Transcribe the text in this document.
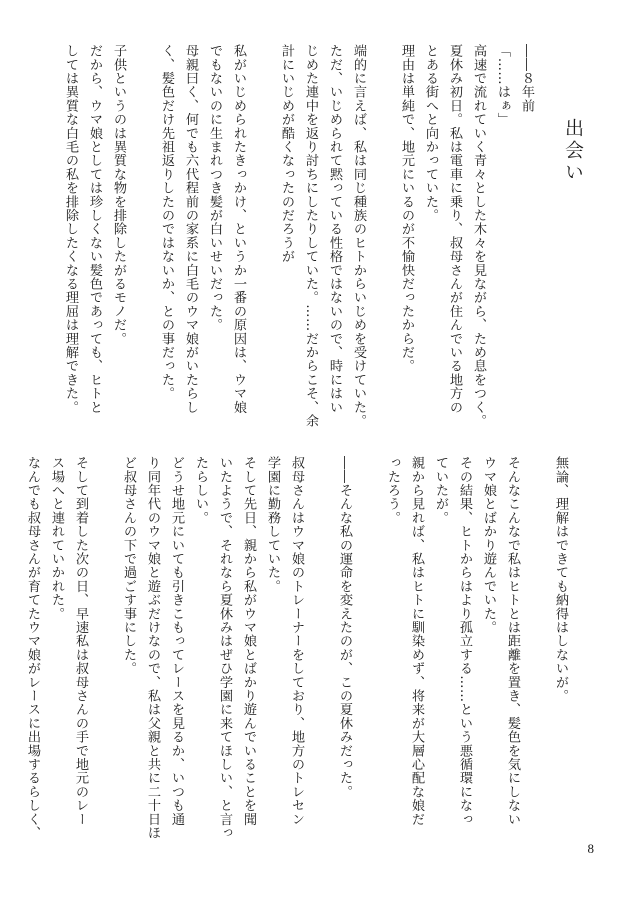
出会い

――８年前

「……はぁ」

高速で流れていく青々とした木々を見ながら、ため息をつく。

夏休み初日。私は電車に乗り、叔母さんが住んでいる地方の

とある街へと向かっていた。

理由は単純で、地元にいるのが不愉快だったからだ。

端的に言えば、私は同じ種族のヒトからいじめを受けていた。

ただ、いじめられて黙っている性格ではないので、時にはい

じめた連中を返り討ちにしたりしていた。……だからこそ、余

計にいじめが酷くなったのだろうが

私がいじめられたきっかけ、というか一番の原因は、ウマ娘

でもないのに生まれつき髪が白いせいだった。

母親曰く、何でも六代程前の家系に白毛のウマ娘がいたらし

く、髪色だけ先祖返りしたのではないか、との事だった。

子供というのは異質な物を排除したがるモノだ。

だから、ウマ娘としては珍しくない髪色であっても、ヒトと

しては異質な白毛の私を排除したくなる理屈は理解できた。

無論、理解はできても納得はしないが。

そんなこんなで私はヒトとは距離を置き、髪色を気にしない

ウマ娘とばかり遊んでいた。

その結果、ヒトからはより孤立する……という悪循環になっ

ていたが。

親から見れば、私はヒトに馴染めず、将来が大層心配な娘だ

ったろう。

――そんな私の運命を変えたのが、この夏休みだった。

叔母さんはウマ娘のトレーナーをしており、地方のトレセン

学園に勤務していた。

そして先日、親から私がウマ娘とばかり遊んでいることを聞

いたようで、それなら夏休みはぜひ学園に来てほしい、と言っ

たらしい。

どうせ地元にいても引きこもってレースを見るか、いつも通

り同年代のウマ娘と遊ぶだけなので、私は父親と共に二十日ほ

ど叔母さんの下で過ごす事にした。

そして到着した次の日、早速私は叔母さんの手で地元のレー

ス場へと連れていかれた。

なんでも叔母さんが育てたウマ娘がレースに出場するらしく、

8
